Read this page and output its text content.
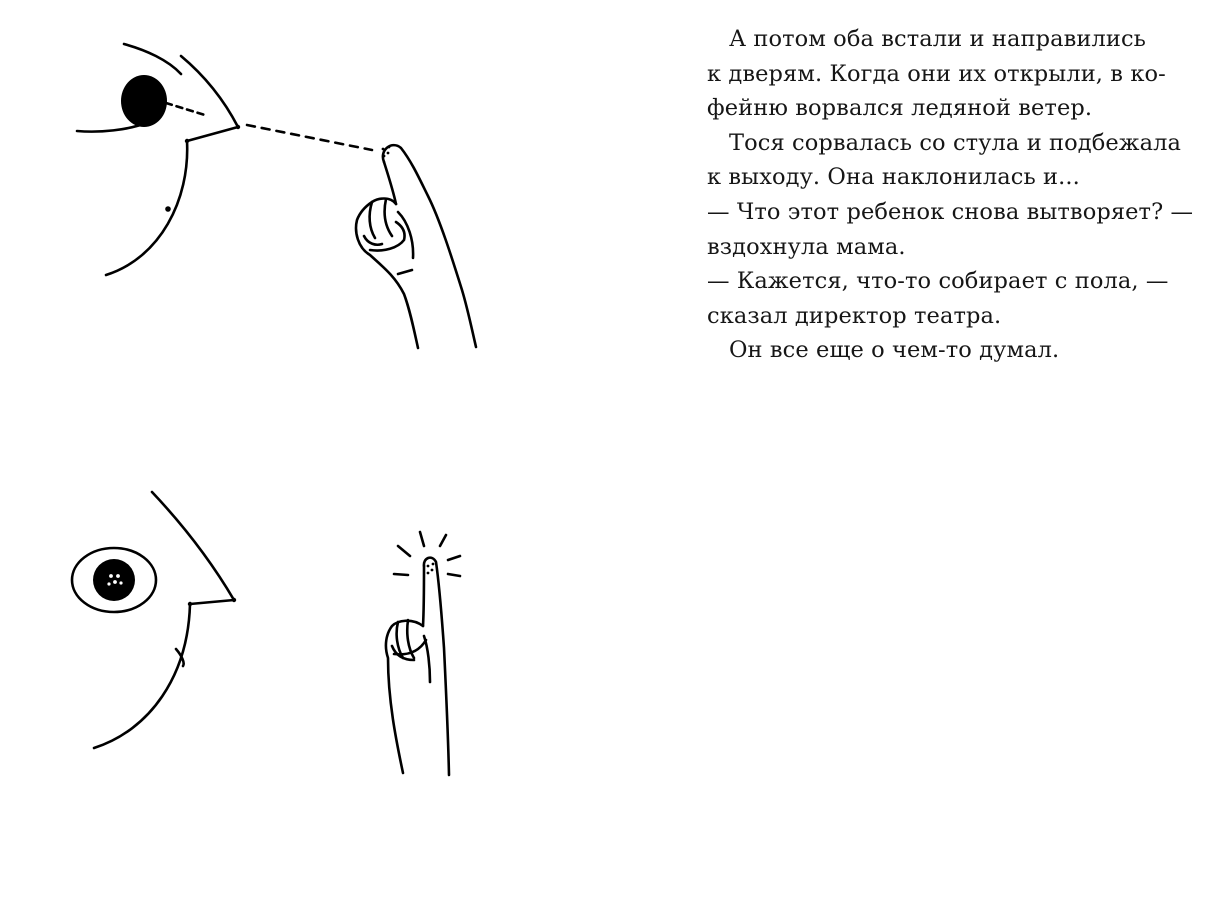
А потом оба встали и направились
к дверям. Когда они их открыли, в ко-
фейню ворвался ледяной ветер.
Тося сорвалась со стула и подбежала
к выходу. Она наклонилась и...
— Что этот ребенок снова вытворяет? —
вздохнула мама.
— Кажется, что-то собирает с пола, —
сказал директор театра.
Он все еще о чем-то думал.
